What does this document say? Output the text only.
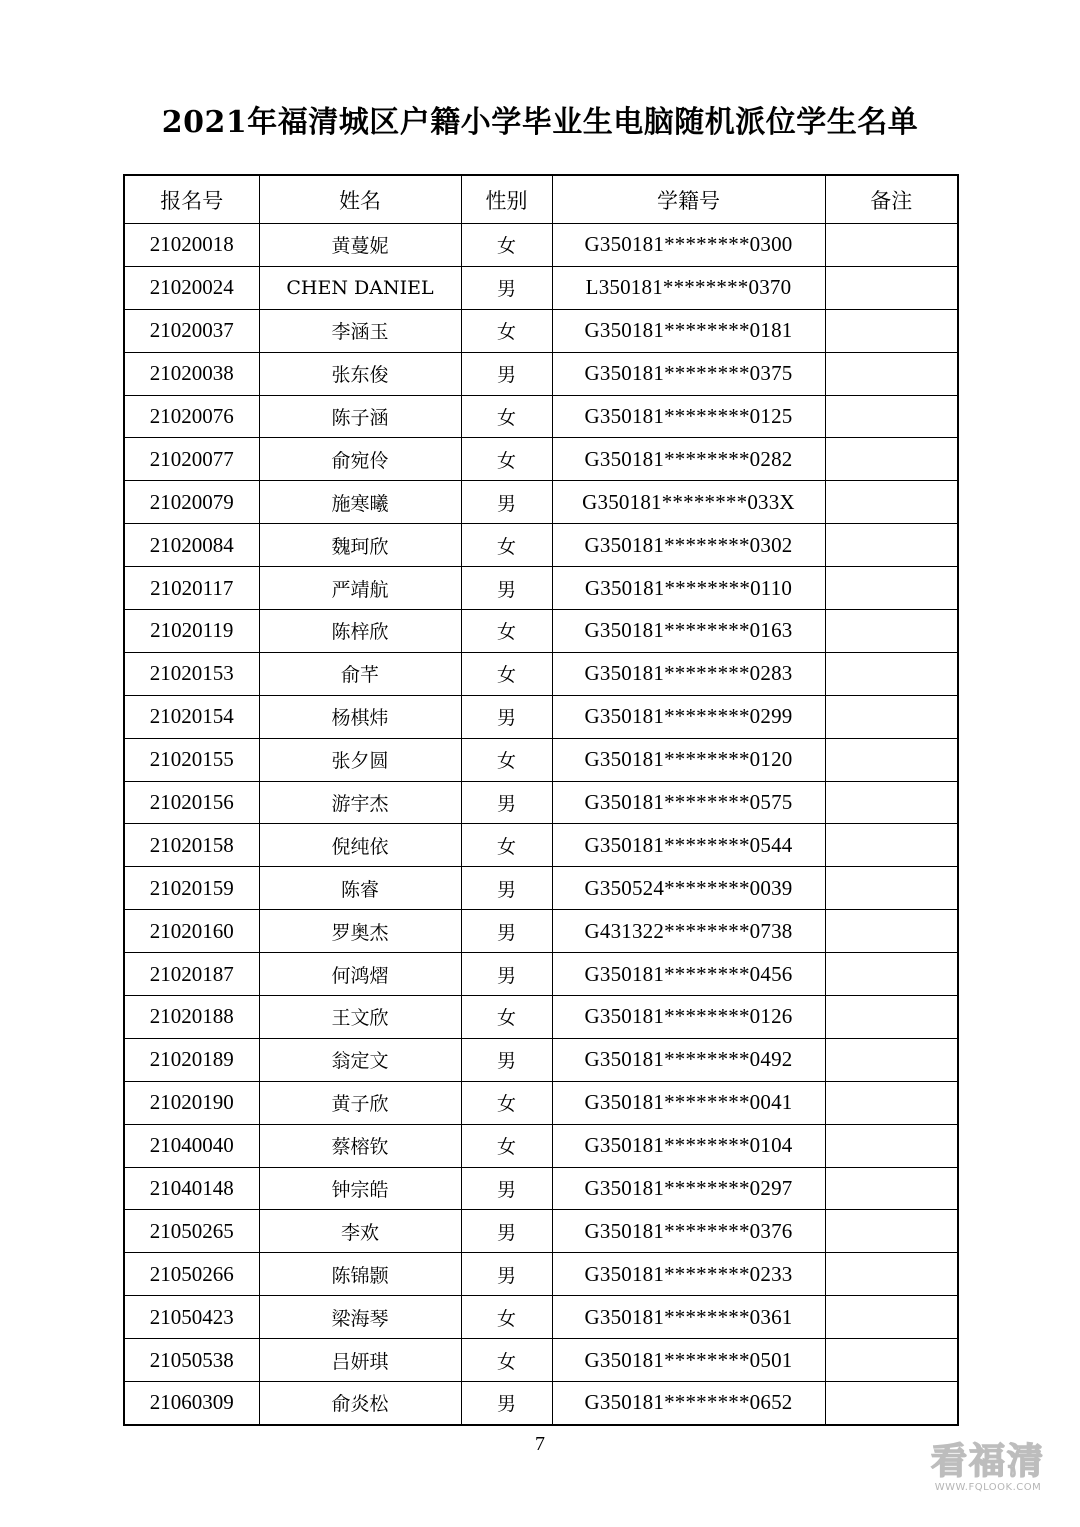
2021年福清城区户籍小学毕业生电脑随机派位学生名单
报名号	姓名	性别	学籍号	备注
21020018	黄蔓妮	女	G350181********0300	
21020024	CHEN DANIEL	男	L350181********0370	
21020037	李涵玉	女	G350181********0181	
21020038	张东俊	男	G350181********0375	
21020076	陈子涵	女	G350181********0125	
21020077	俞宛伶	女	G350181********0282	
21020079	施寒曦	男	G350181********033X	
21020084	魏珂欣	女	G350181********0302	
21020117	严靖航	男	G350181********0110	
21020119	陈梓欣	女	G350181********0163	
21020153	俞芊	女	G350181********0283	
21020154	杨棋炜	男	G350181********0299	
21020155	张夕圆	女	G350181********0120	
21020156	游宇杰	男	G350181********0575	
21020158	倪纯依	女	G350181********0544	
21020159	陈睿	男	G350524********0039	
21020160	罗奥杰	男	G431322********0738	
21020187	何鸿熠	男	G350181********0456	
21020188	王文欣	女	G350181********0126	
21020189	翁定文	男	G350181********0492	
21020190	黄子欣	女	G350181********0041	
21040040	蔡榕钦	女	G350181********0104	
21040148	钟宗皓	男	G350181********0297	
21050265	李欢	男	G350181********0376	
21050266	陈锦颢	男	G350181********0233	
21050423	梁海琴	女	G350181********0361	
21050538	吕妍琪	女	G350181********0501	
21060309	俞炎松	男	G350181********0652	
7	看福清
WWW.FQLOOK.COM
